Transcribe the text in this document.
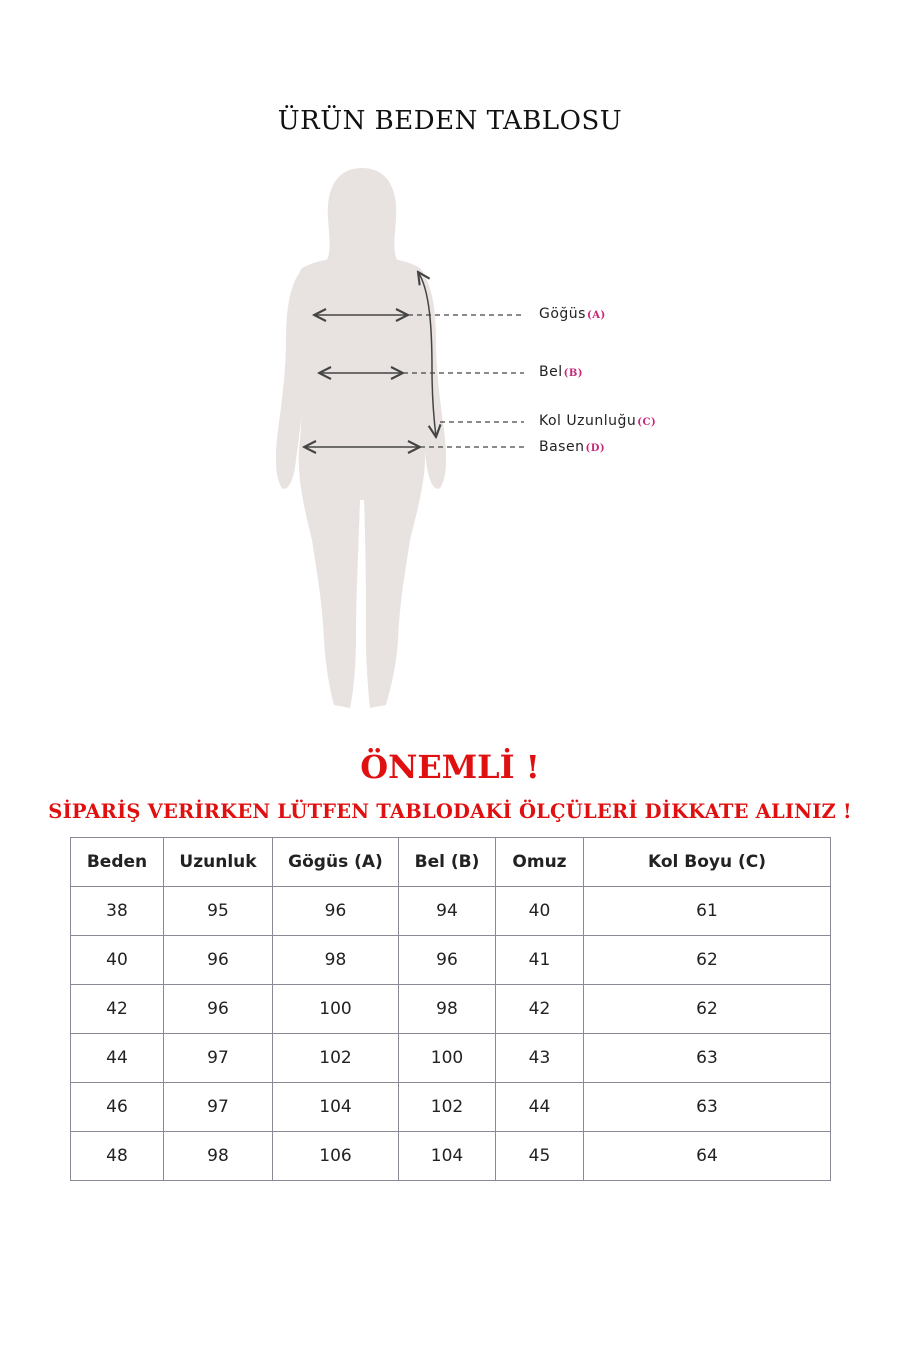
ÜRÜN BEDEN TABLOSU
Göğüs(A)
Bel(B)
Kol Uzunluğu(C)
Basen(D)
ÖNEMLİ !
SİPARİŞ VERİRKEN LÜTFEN TABLODAKİ ÖLÇÜLERİ DİKKATE ALINIZ !
Beden	Uzunluk	Gögüs (A)	Bel (B)	Omuz	Kol Boyu (C)
38	95	96	94	40	61
40	96	98	96	41	62
42	96	100	98	42	62
44	97	102	100	43	63
46	97	104	102	44	63
48	98	106	104	45	64
